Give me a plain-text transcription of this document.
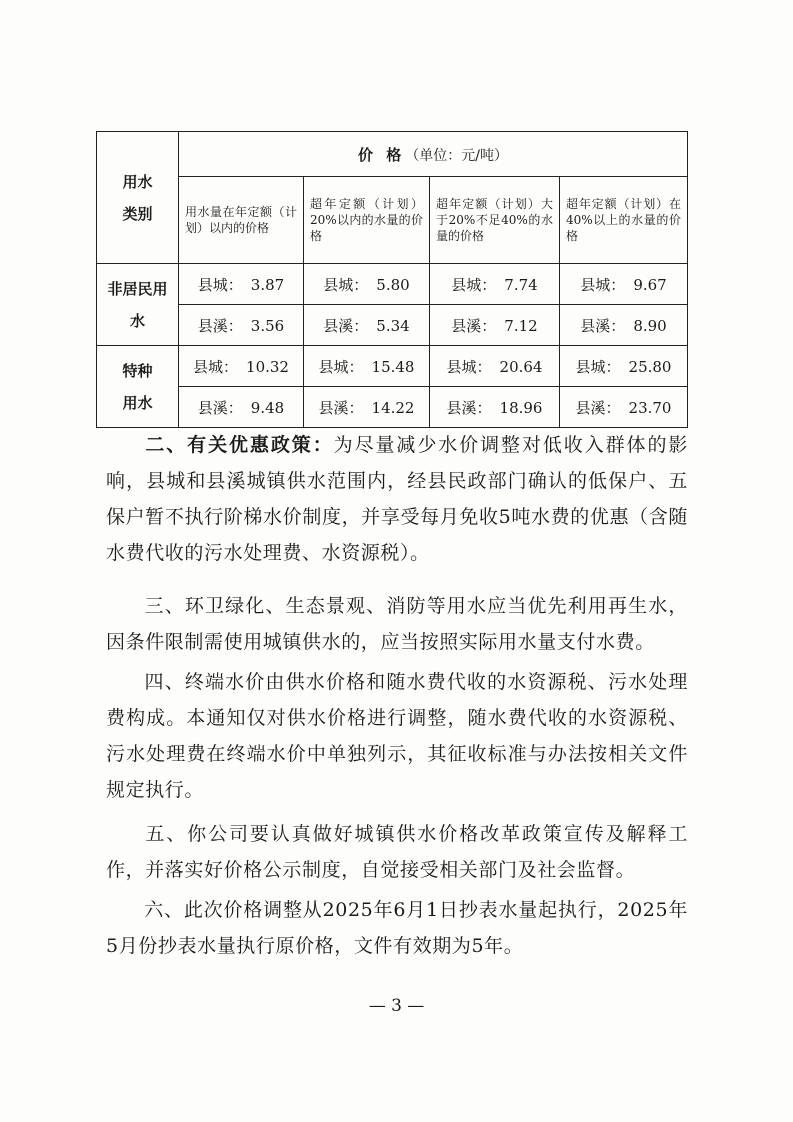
用水
类别	价 格（单位：元/吨）			
	用水量在年定额（计划）以内的价格	超年定额（计划）20%以内的水量的价格	超年定额（计划）大于20%不足40%的水量的价格	超年定额（计划）在40%以上的水量的价格

非居民用
水	县城： 3.87	县城： 5.80	县城： 7.74	县城： 9.67
	县溪： 3.56	县溪： 5.34	县溪： 7.12	县溪： 8.90

特种
用水	县城： 10.32	县城： 15.48	县城： 20.64	县城： 25.80
	县溪： 9.48	县溪： 14.22	县溪： 18.96	县溪： 23.70
二、有关优惠政策：为尽量减少水价调整对低收入群体的影响，县城和县溪城镇供水范围内，经县民政部门确认的低保户、五保户暂不执行阶梯水价制度，并享受每月免收5吨水费的优惠（含随水费代收的污水处理费、水资源税）。
三、环卫绿化、生态景观、消防等用水应当优先利用再生水，因条件限制需使用城镇供水的，应当按照实际用水量支付水费。
四、终端水价由供水价格和随水费代收的水资源税、污水处理费构成。本通知仅对供水价格进行调整，随水费代收的水资源税、污水处理费在终端水价中单独列示，其征收标准与办法按相关文件规定执行。
五、你公司要认真做好城镇供水价格改革政策宣传及解释工作，并落实好价格公示制度，自觉接受相关部门及社会监督。
六、此次价格调整从2025年6月1日抄表水量起执行，2025年5月份抄表水量执行原价格，文件有效期为5年。
— 3 —
